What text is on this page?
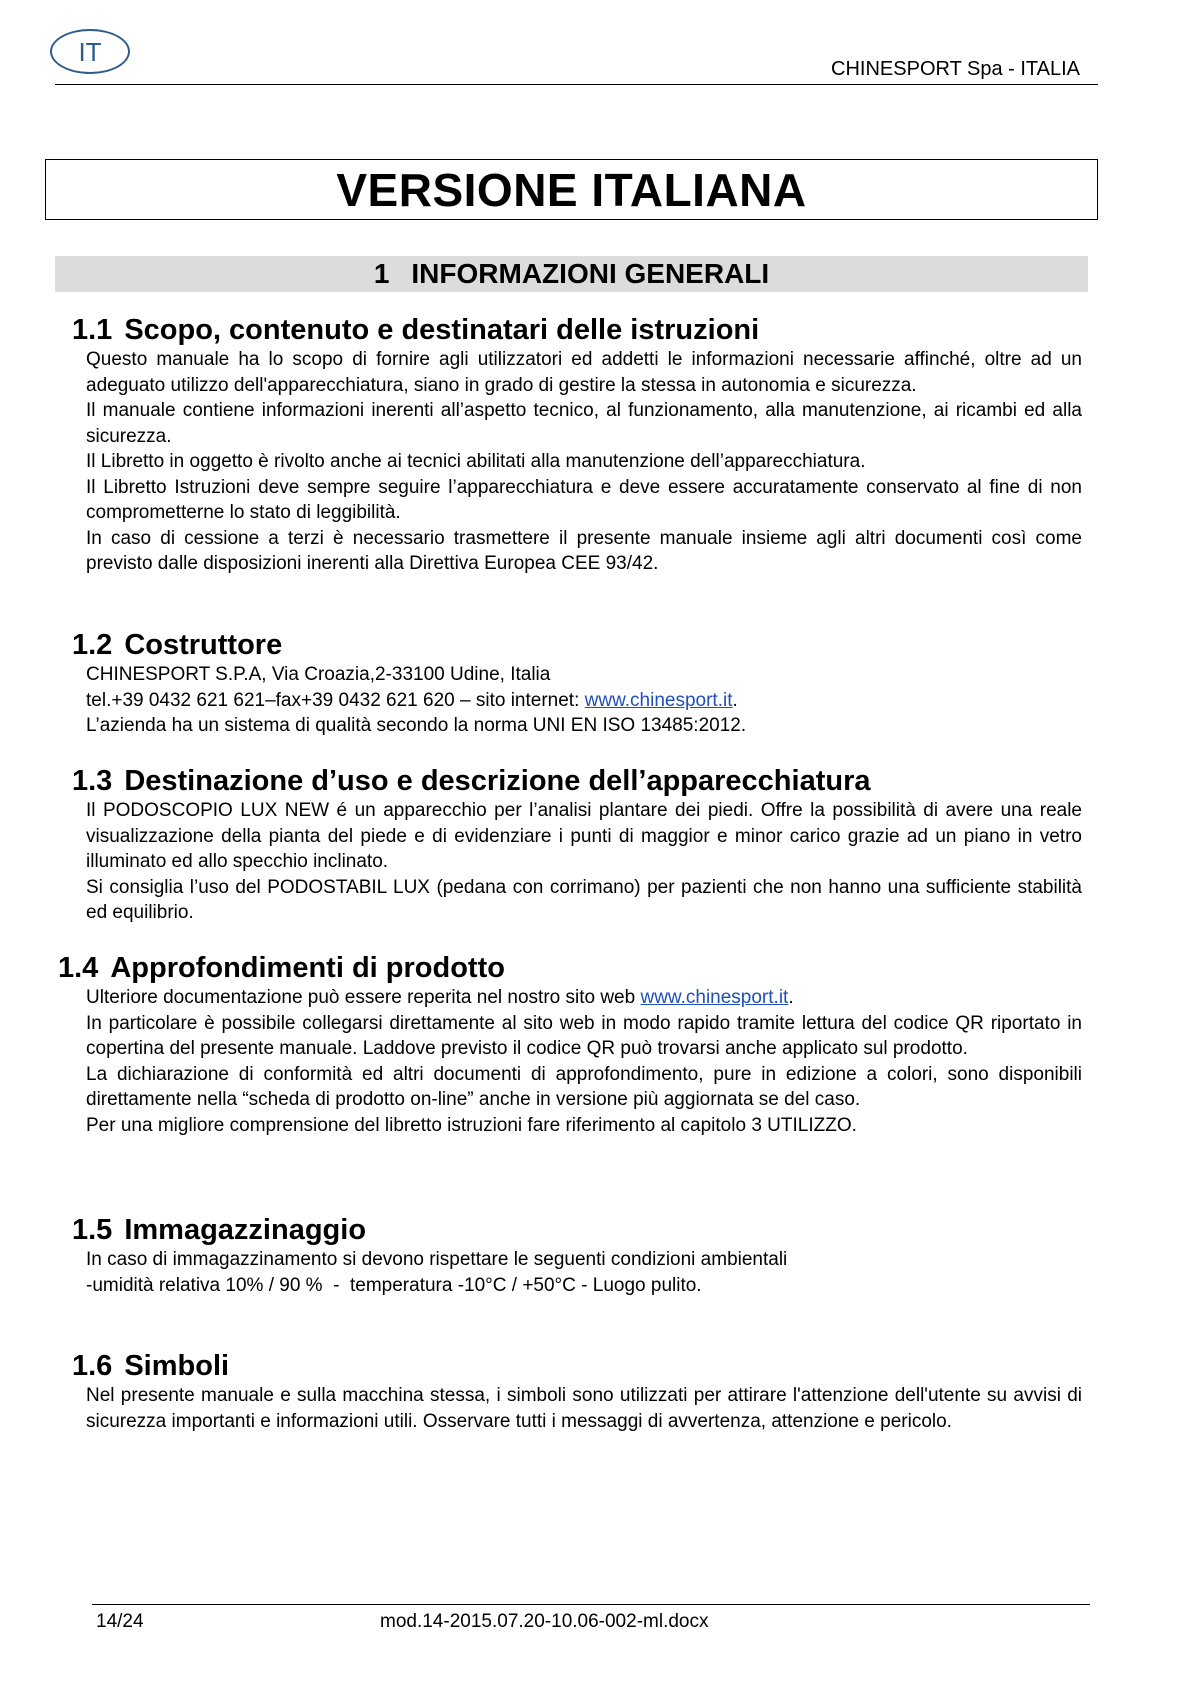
IT
CHINESPORT Spa - ITALIA
VERSIONE ITALIANA
1 INFORMAZIONI GENERALI
1.1 Scopo, contenuto e destinatari delle istruzioni

Questo manuale ha lo scopo di fornire agli utilizzatori ed addetti le informazioni necessarie affinché, oltre ad un adeguato utilizzo dell'apparecchiatura, siano in grado di gestire la stessa in autonomia e sicurezza.

Il manuale contiene informazioni inerenti all’aspetto tecnico, al funzionamento, alla manutenzione, ai ricambi ed alla sicurezza.

Il Libretto in oggetto è rivolto anche ai tecnici abilitati alla manutenzione dell’apparecchiatura.

Il Libretto Istruzioni deve sempre seguire l’apparecchiatura e deve essere accuratamente conservato al fine di non comprometterne lo stato di leggibilità.

In caso di cessione a terzi è necessario trasmettere il presente manuale insieme agli altri documenti così come previsto dalle disposizioni inerenti alla Direttiva Europea CEE 93/42.

1.2 Costruttore

CHINESPORT S.P.A, Via Croazia,2-33100 Udine, Italia

tel.+39 0432 621 621–fax+39 0432 621 620 – sito internet: www.chinesport.it.

L’azienda ha un sistema di qualità secondo la norma UNI EN ISO 13485:2012.

1.3 Destinazione d’uso e descrizione dell’apparecchiatura

Il PODOSCOPIO LUX NEW é un apparecchio per l’analisi plantare dei piedi. Offre la possibilità di avere una reale visualizzazione della pianta del piede e di evidenziare i punti di maggior e minor carico grazie ad un piano in vetro illuminato ed allo specchio inclinato.

Si consiglia l’uso del PODOSTABIL LUX (pedana con corrimano) per pazienti che non hanno una sufficiente stabilità ed equilibrio.

1.4 Approfondimenti di prodotto

Ulteriore documentazione può essere reperita nel nostro sito web www.chinesport.it.

In particolare è possibile collegarsi direttamente al sito web in modo rapido tramite lettura del codice QR riportato in copertina del presente manuale. Laddove previsto il codice QR può trovarsi anche applicato sul prodotto.

La dichiarazione di conformità ed altri documenti di approfondimento, pure in edizione a colori, sono disponibili direttamente nella “scheda di prodotto on-line” anche in versione più aggiornata se del caso.

Per una migliore comprensione del libretto istruzioni fare riferimento al capitolo 3 UTILIZZO.

1.5 Immagazzinaggio

In caso di immagazzinamento si devono rispettare le seguenti condizioni ambientali

-umidità relativa 10% / 90 %  -  temperatura -10°C / +50°C - Luogo pulito.

1.6 Simboli

Nel presente manuale e sulla macchina stessa, i simboli sono utilizzati per attirare l'attenzione dell'utente su avvisi di sicurezza importanti e informazioni utili. Osservare tutti i messaggi di avvertenza, attenzione e pericolo.

14/24	mod.14-2015.07.20-10.06-002-ml.docx
